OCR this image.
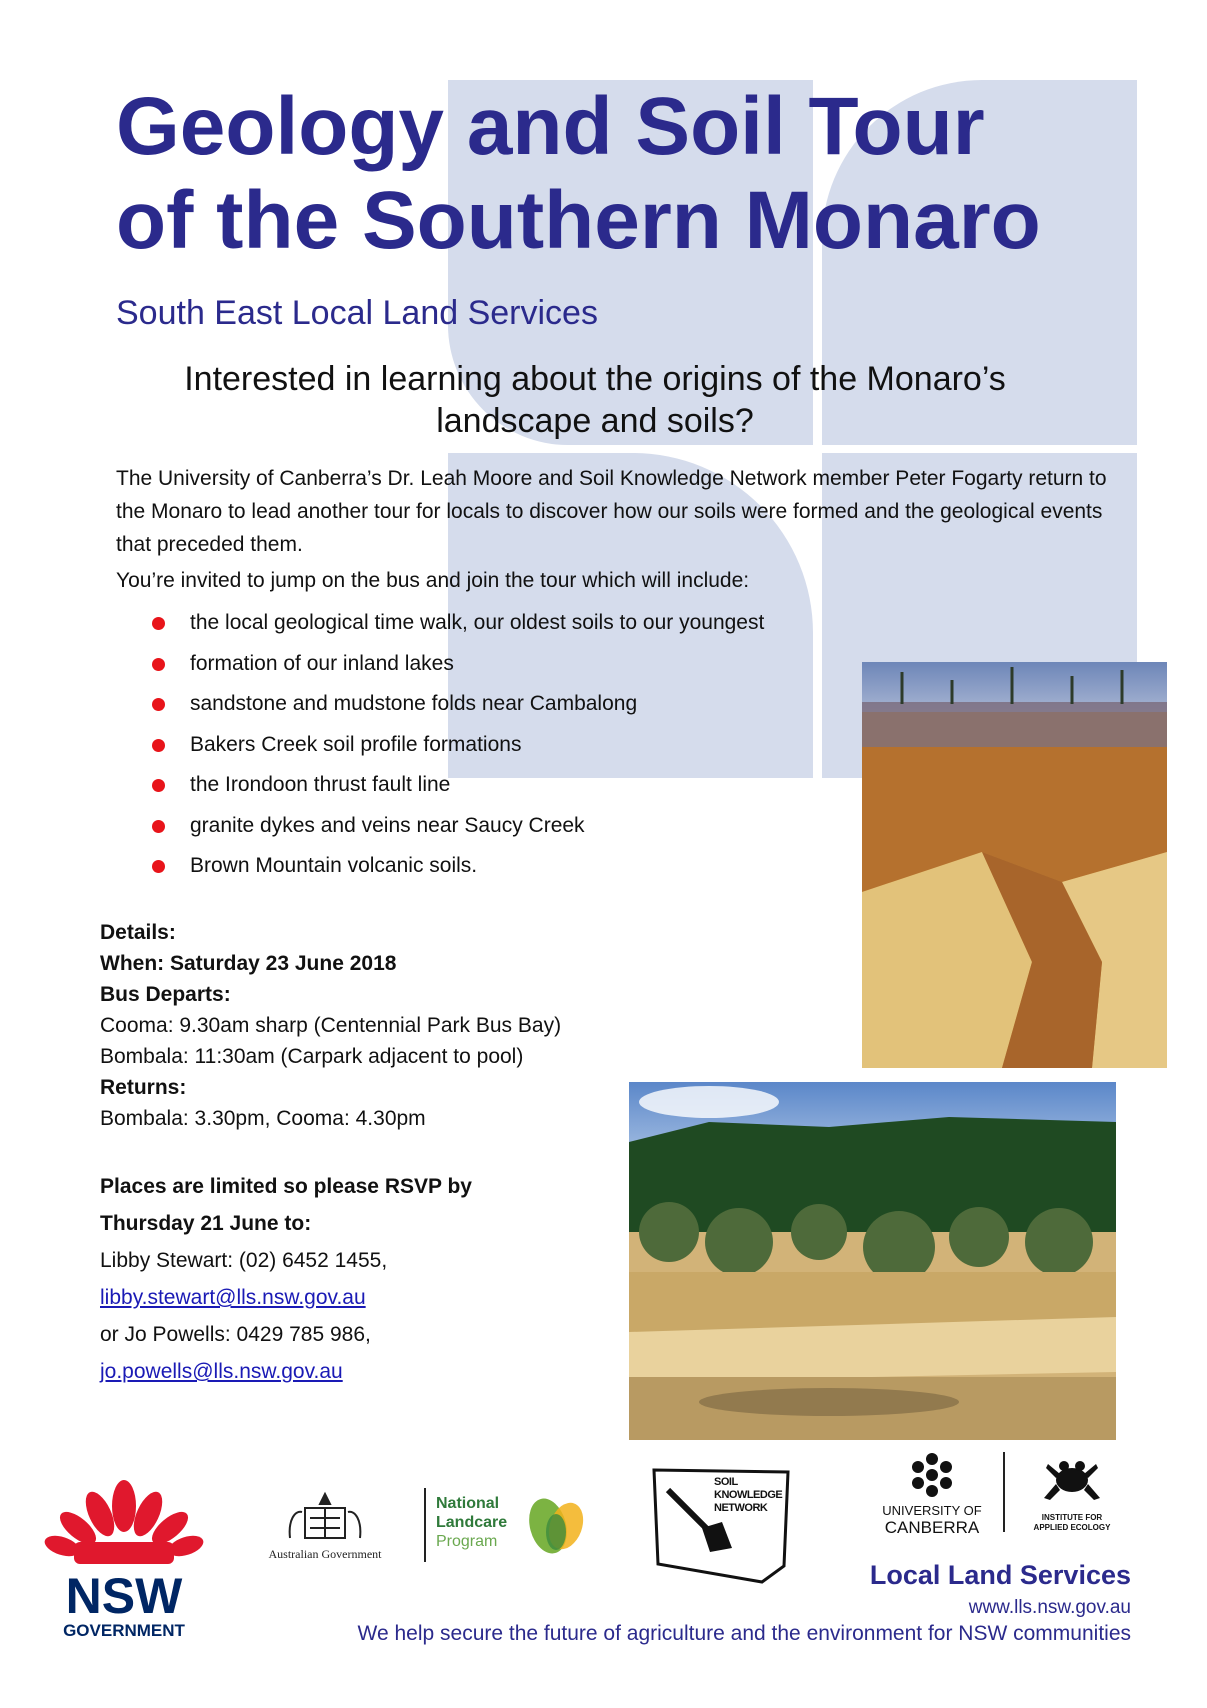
Geology and Soil Tour
of the Southern Monaro
South East Local Land Services
Interested in learning about the origins of the Monaro’s landscape and soils?
The University of Canberra’s Dr. Leah Moore and Soil Knowledge Network member Peter Fogarty return to the Monaro to lead another tour for locals to discover how our soils were formed and the geological events that preceded them.
You’re invited to jump on the bus and join the tour which will include:
the local geological time walk, our oldest soils to our youngest
formation of our inland lakes
sandstone and mudstone folds near Cambalong
Bakers Creek soil profile formations
the Irondoon thrust fault line
granite dykes and veins near Saucy Creek
Brown Mountain volcanic soils.
Details:
When: Saturday 23 June 2018
Bus Departs:
Cooma: 9.30am sharp (Centennial Park Bus Bay)
Bombala: 11:30am (Carpark adjacent to pool)
Returns:
Bombala: 3.30pm, Cooma: 4.30pm
Places are limited so please RSVP by
Thursday 21 June to:
Libby Stewart: (02) 6452 1455,
libby.stewart@lls.nsw.gov.au
or Jo Powells: 0429 785 986,
jo.powells@lls.nsw.gov.au
NSW
GOVERNMENT
Australian Government
National
Landcare
Program
SOIL
KNOWLEDGE
NETWORK	UNIVERSITY OF
CANBERRA
INSTITUTE FOR
APPLIED ECOLOGY
Local Land Services
www.lls.nsw.gov.au
We help secure the future of agriculture and the environment for NSW communities
